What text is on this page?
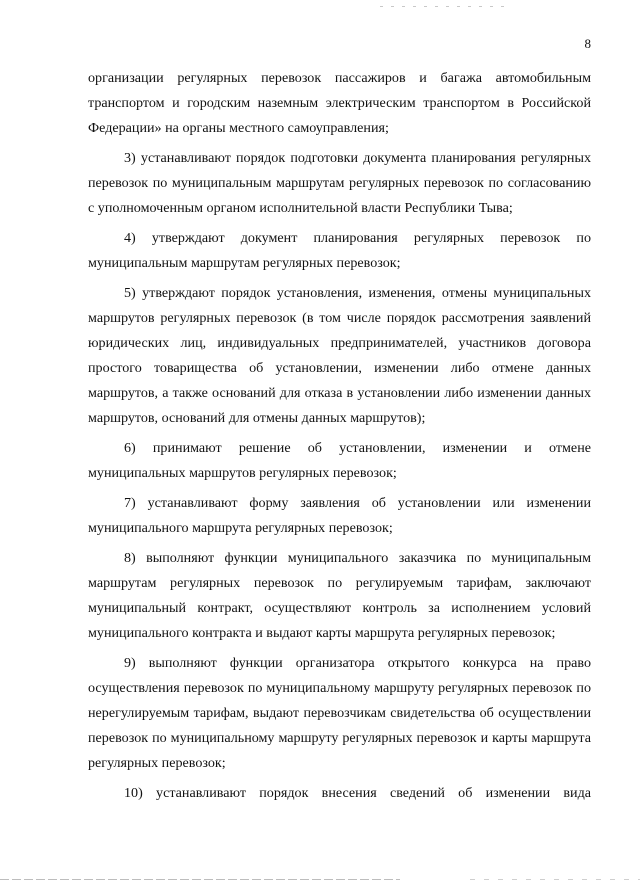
8

организации регулярных перевозок пассажиров и багажа автомобильным транспортом и городским наземным электрическим транспортом в Российской Федерации» на органы местного самоуправления;

3) устанавливают порядок подготовки документа планирования регулярных перевозок по муниципальным маршрутам регулярных перевозок по согласованию с уполномоченным органом исполнительной власти Республики Тыва;

4) утверждают документ планирования регулярных перевозок по муниципальным маршрутам регулярных перевозок;

5) утверждают порядок установления, изменения, отмены муниципальных маршрутов регулярных перевозок (в том числе порядок рассмотрения заявлений юридических лиц, индивидуальных предпринимателей, участников договора простого товарищества об установлении, изменении либо отмене данных маршрутов, а также оснований для отказа в установлении либо изменении данных маршрутов, оснований для отмены данных маршрутов);

6) принимают решение об установлении, изменении и отмене муниципальных маршрутов регулярных перевозок;

7) устанавливают форму заявления об установлении или изменении муниципального маршрута регулярных перевозок;

8) выполняют функции муниципального заказчика по муниципальным маршрутам регулярных перевозок по регулируемым тарифам, заключают муниципальный контракт, осуществляют контроль за исполнением условий муниципального контракта и выдают карты маршрута регулярных перевозок;

9) выполняют функции организатора открытого конкурса на право осуществления перевозок по муниципальному маршруту регулярных перевозок по нерегулируемым тарифам, выдают перевозчикам свидетельства об осуществлении перевозок по муниципальному маршруту регулярных перевозок и карты маршрута регулярных перевозок;

10) устанавливают порядок внесения сведений об изменении вида
